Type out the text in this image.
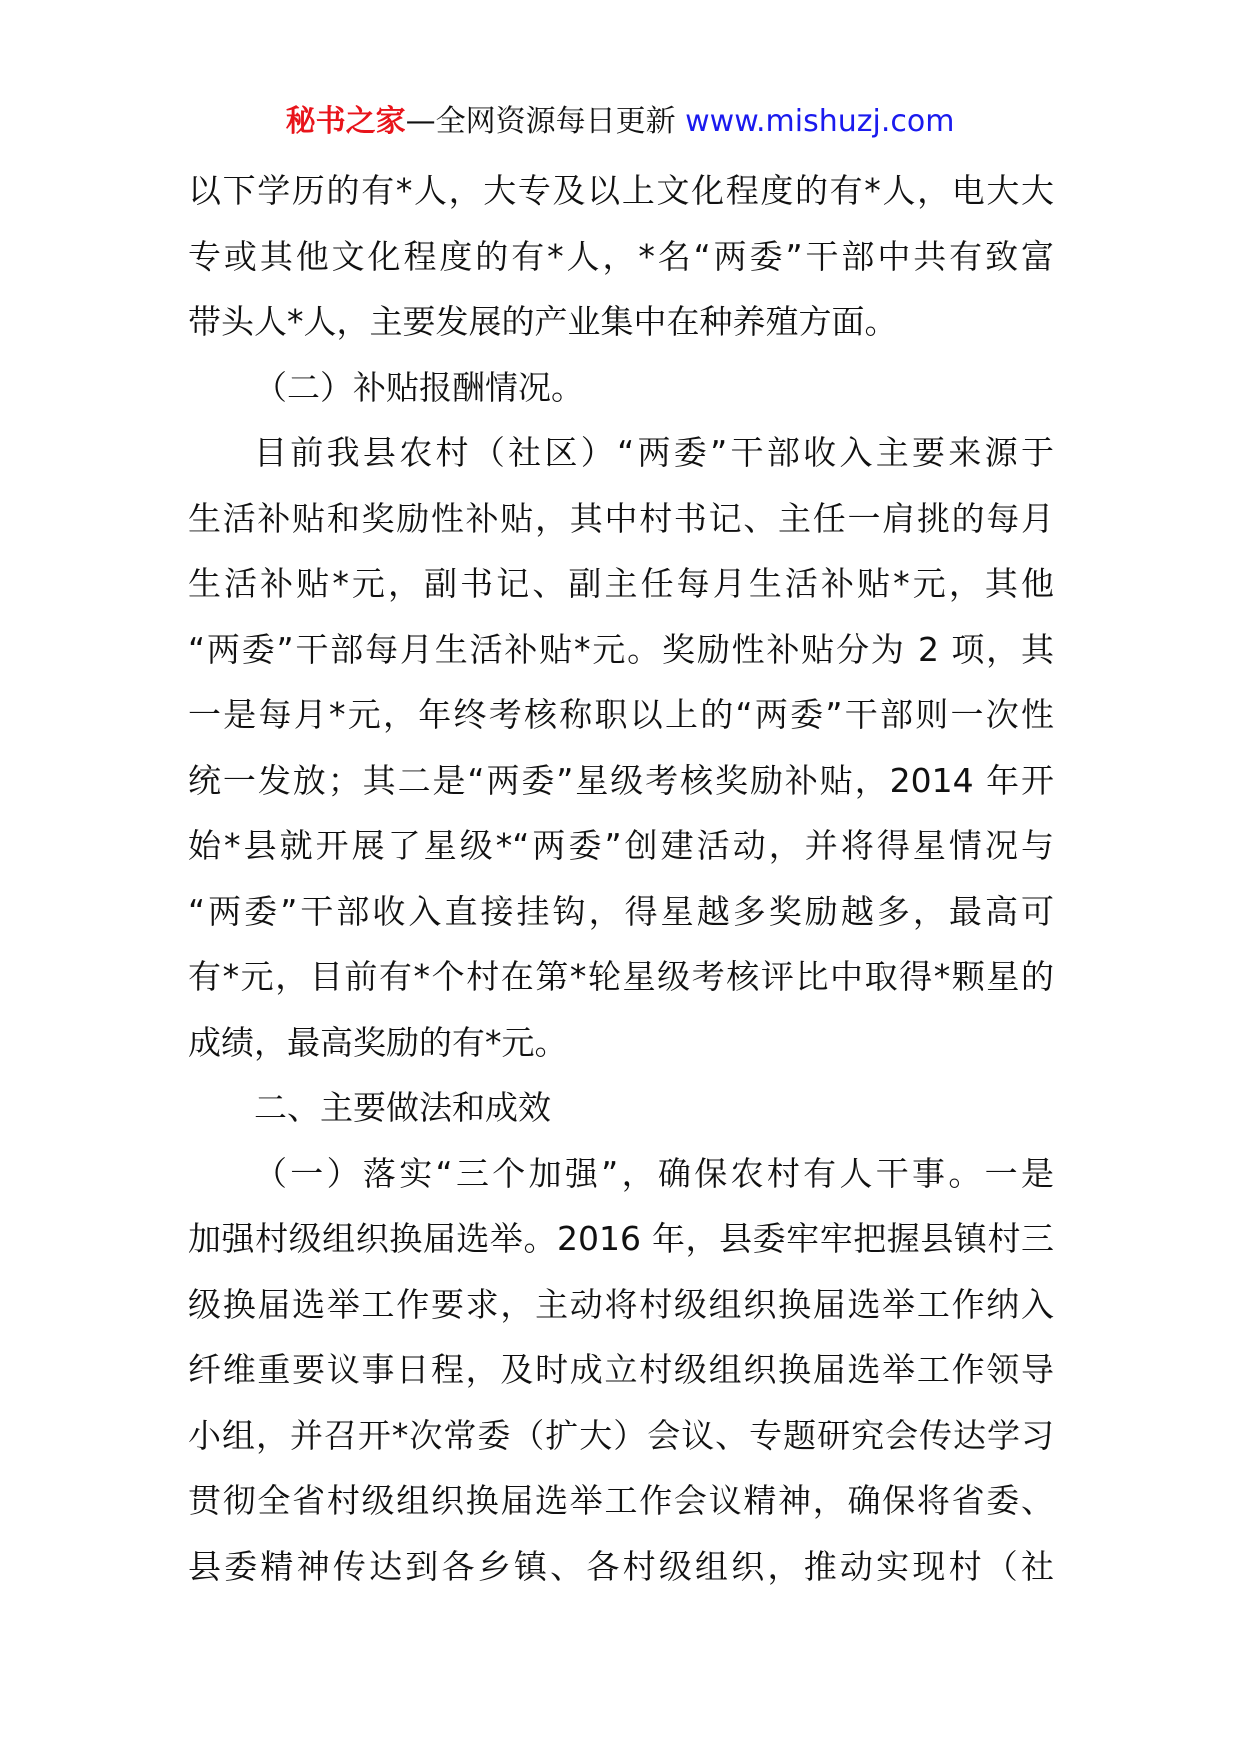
秘书之家—全网资源每日更新 www.mishuzj.com

以下学历的有*人，大专及以上文化程度的有*人，电大大

专或其他文化程度的有*人，*名“两委”干部中共有致富

带头人*人，主要发展的产业集中在种养殖方面。

（二）补贴报酬情况。

目前我县农村（社区）“两委”干部收入主要来源于

生活补贴和奖励性补贴，其中村书记、主任一肩挑的每月

生活补贴*元，副书记、副主任每月生活补贴*元，其他

“两委”干部每月生活补贴*元。奖励性补贴分为 2 项，其

一是每月*元，年终考核称职以上的“两委”干部则一次性

统一发放；其二是“两委”星级考核奖励补贴，2014 年开

始*县就开展了星级*“两委”创建活动，并将得星情况与

“两委”干部收入直接挂钩，得星越多奖励越多，最高可

有*元，目前有*个村在第*轮星级考核评比中取得*颗星的

成绩，最高奖励的有*元。

二、主要做法和成效

（一）落实“三个加强”，确保农村有人干事。一是

加强村级组织换届选举。2016 年，县委牢牢把握县镇村三

级换届选举工作要求，主动将村级组织换届选举工作纳入

纤维重要议事日程，及时成立村级组织换届选举工作领导

小组，并召开*次常委（扩大）会议、专题研究会传达学习

贯彻全省村级组织换届选举工作会议精神，确保将省委、

县委精神传达到各乡镇、各村级组织，推动实现村（社
